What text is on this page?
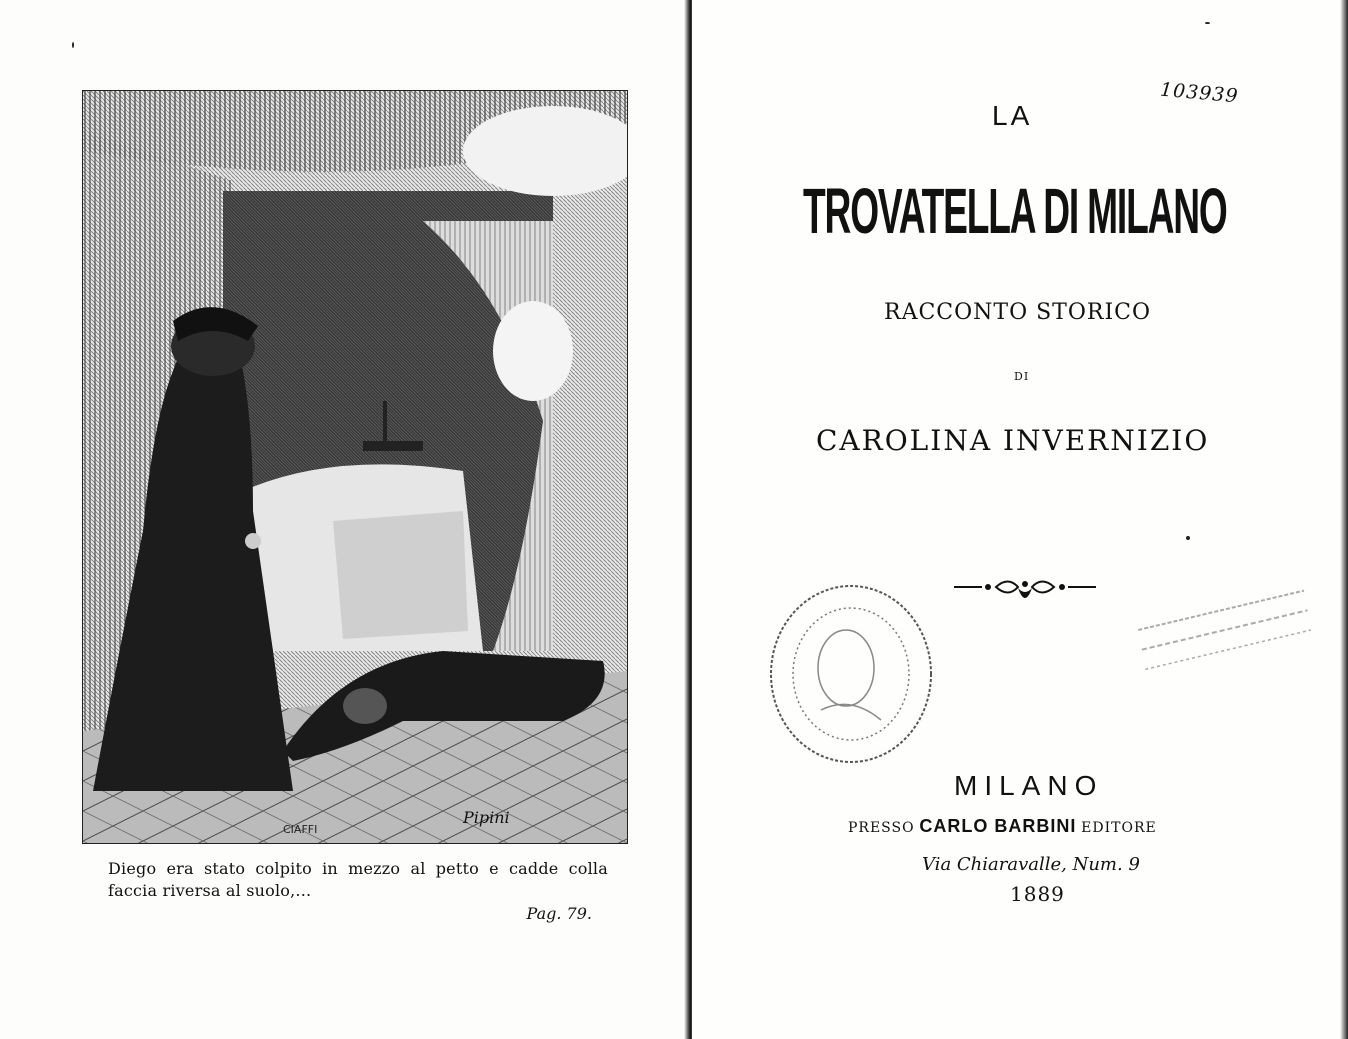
CIAFFI
Pipini
Diego era stato colpito in mezzo al petto e cadde colla
faccia riversa al suolo,...
Pag. 79.
103939
LA
TROVATELLA DI MILANO
RACCONTO STORICO
DI
CAROLINA INVERNIZIO
MILANO
PRESSO CARLO BARBINI EDITORE
Via Chiaravalle, Num. 9
1889
